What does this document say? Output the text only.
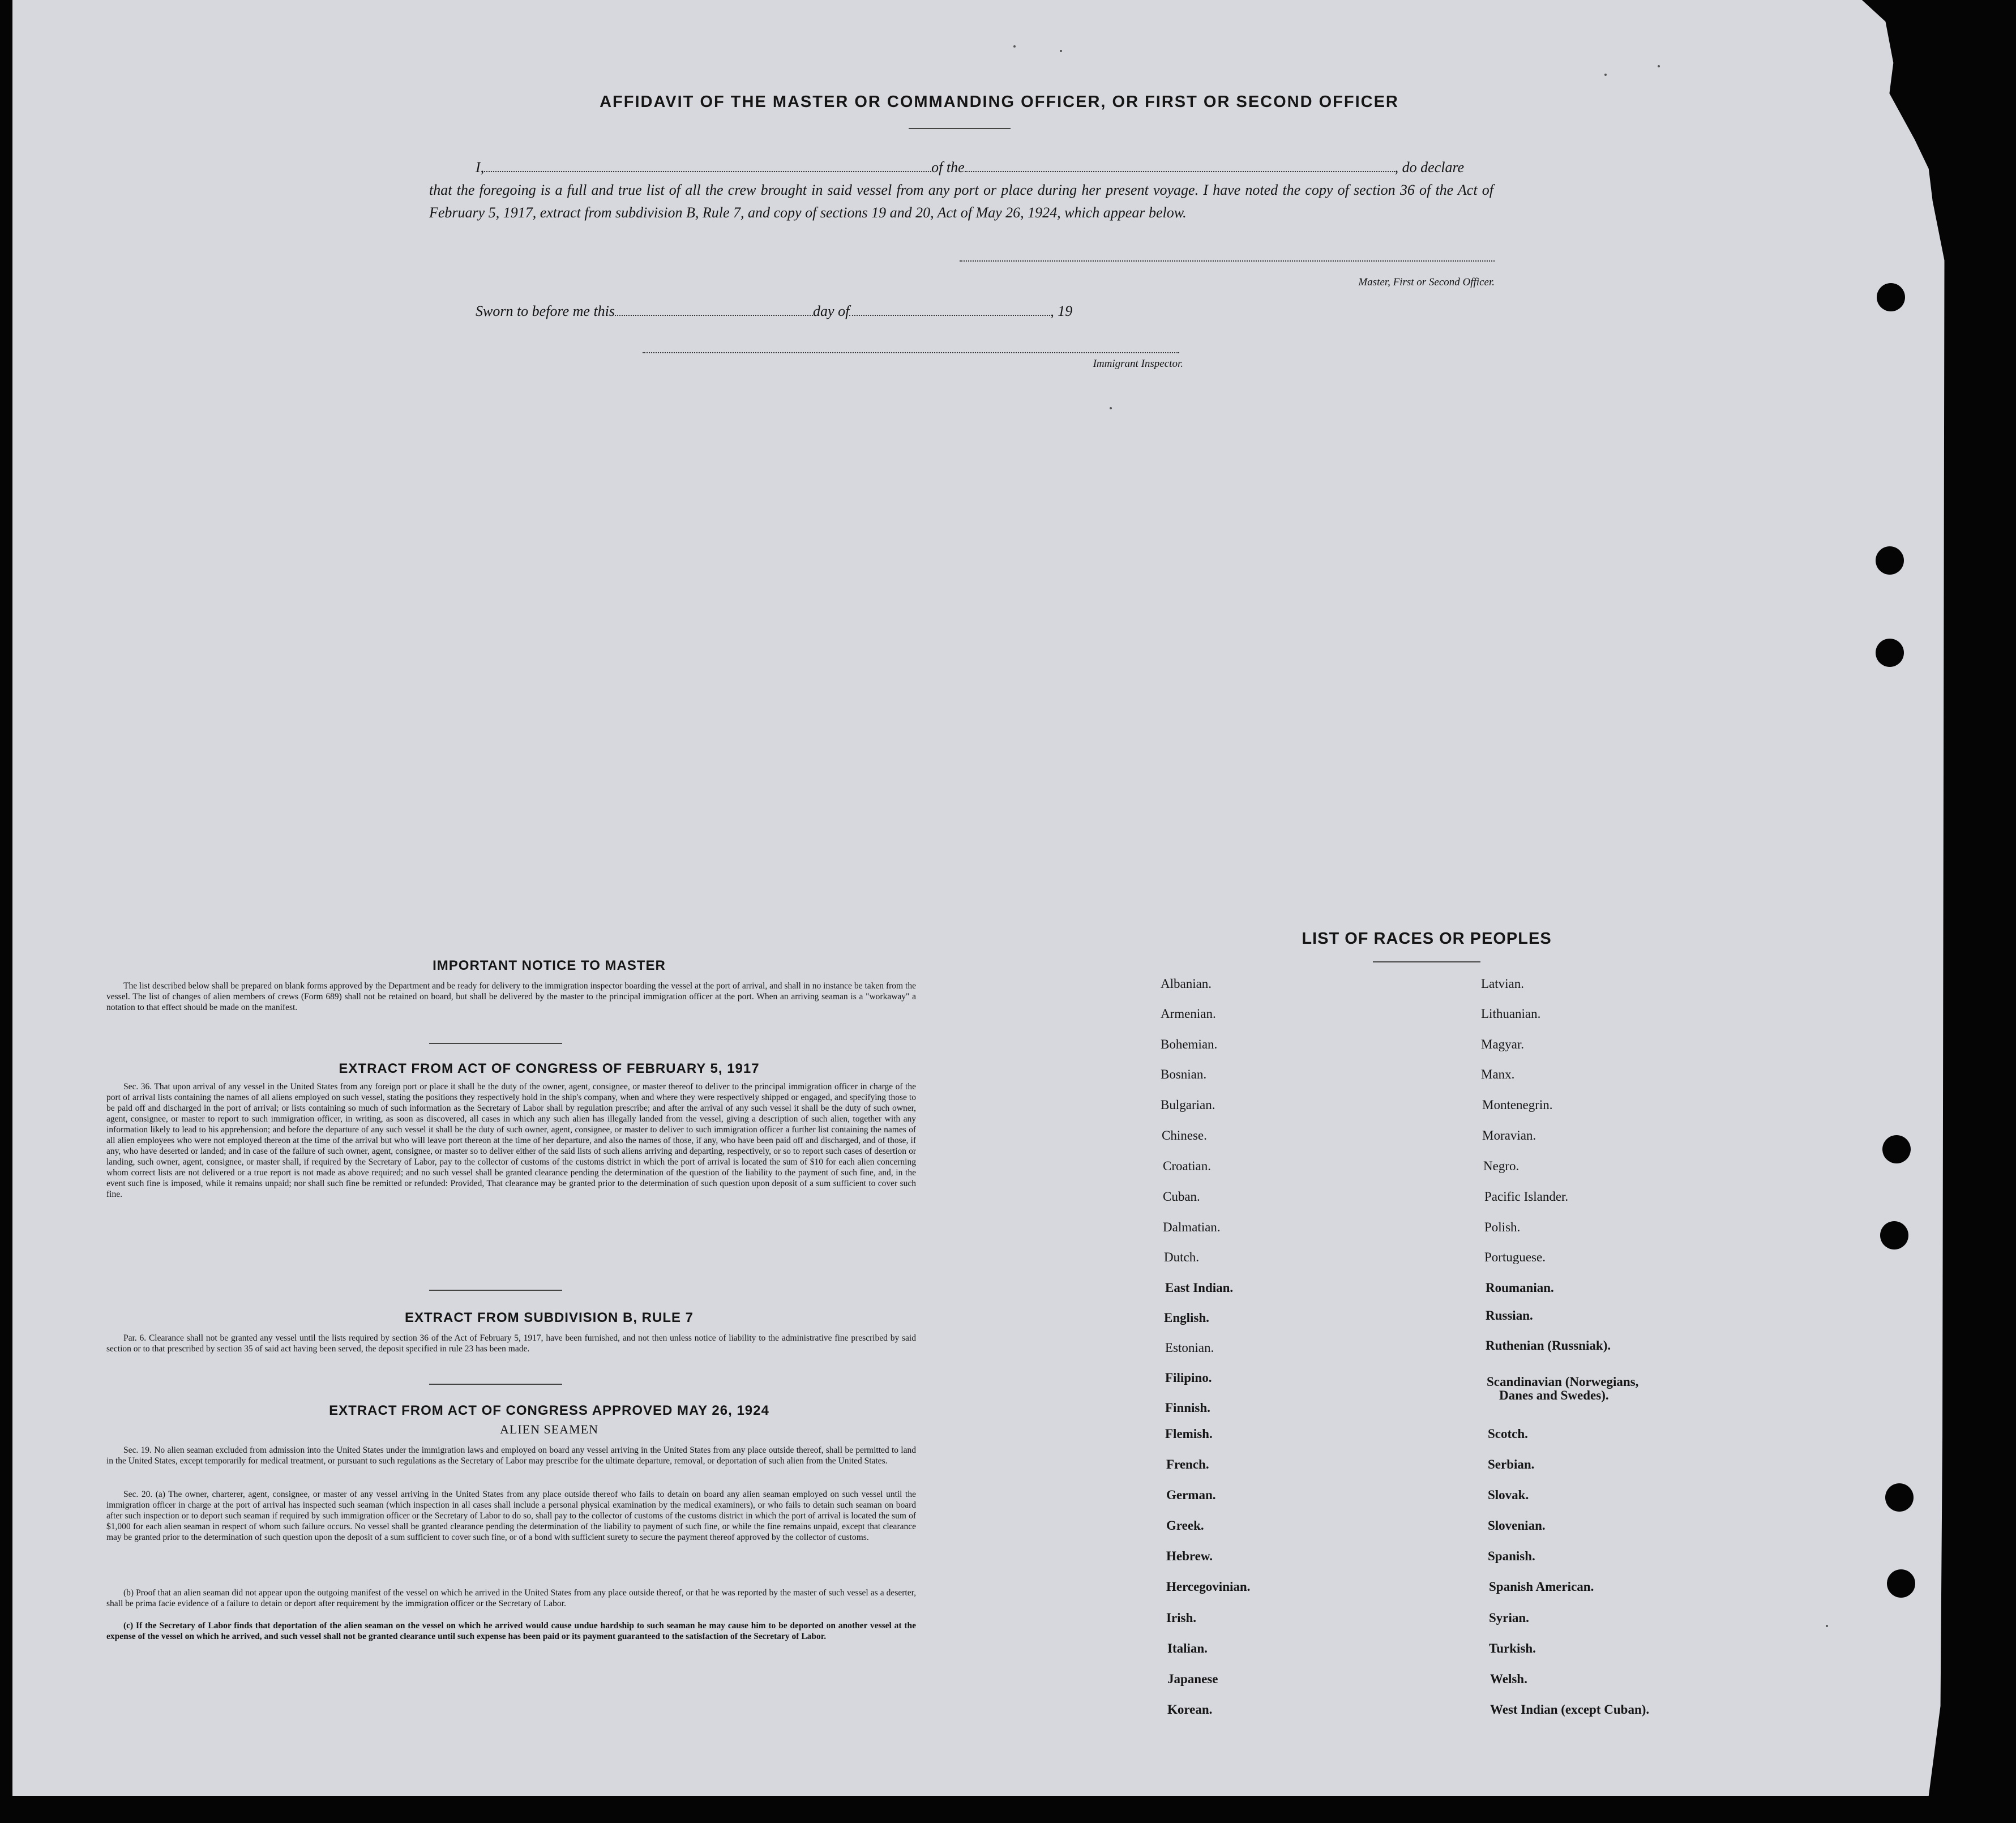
AFFIDAVIT OF THE MASTER OR COMMANDING OFFICER, OR FIRST OR SECOND OFFICER
I,	of the	, do declare
that the foregoing is a full and true list of all the crew brought in said vessel from any port or place during her present voyage. I have noted the copy of section 36 of the Act of February 5, 1917, extract from subdivision B, Rule 7, and copy of sections 19 and 20, Act of May 26, 1924, which appear below.
Master, First or Second Officer.
Sworn to before me this	day of	, 19
Immigrant Inspector.
IMPORTANT NOTICE TO MASTER
The list described below shall be prepared on blank forms approved by the Department and be ready for delivery to the immigration inspector boarding the vessel at the port of arrival, and shall in no instance be taken from the vessel. The list of changes of alien members of crews (Form 689) shall not be retained on board, but shall be delivered by the master to the principal immigration officer at the port. When an arriving seaman is a "workaway" a notation to that effect should be made on the manifest.
EXTRACT FROM ACT OF CONGRESS OF FEBRUARY 5, 1917
Sec. 36. That upon arrival of any vessel in the United States from any foreign port or place it shall be the duty of the owner, agent, consignee, or master thereof to deliver to the principal immigration officer in charge of the port of arrival lists containing the names of all aliens employed on such vessel, stating the positions they respectively hold in the ship's company, when and where they were respectively shipped or engaged, and specifying those to be paid off and discharged in the port of arrival; or lists containing so much of such information as the Secretary of Labor shall by regulation prescribe; and after the arrival of any such vessel it shall be the duty of such owner, agent, consignee, or master to report to such immigration officer, in writing, as soon as discovered, all cases in which any such alien has illegally landed from the vessel, giving a description of such alien, together with any information likely to lead to his apprehension; and before the departure of any such vessel it shall be the duty of such owner, agent, consignee, or master to deliver to such immigration officer a further list containing the names of all alien employees who were not employed thereon at the time of the arrival but who will leave port thereon at the time of her departure, and also the names of those, if any, who have been paid off and discharged, and of those, if any, who have deserted or landed; and in case of the failure of such owner, agent, consignee, or master so to deliver either of the said lists of such aliens arriving and departing, respectively, or so to report such cases of desertion or landing, such owner, agent, consignee, or master shall, if required by the Secretary of Labor, pay to the collector of customs of the customs district in which the port of arrival is located the sum of $10 for each alien concerning whom correct lists are not delivered or a true report is not made as above required; and no such vessel shall be granted clearance pending the determination of the question of the liability to the payment of such fine, and, in the event such fine is imposed, while it remains unpaid; nor shall such fine be remitted or refunded: Provided, That clearance may be granted prior to the determination of such question upon deposit of a sum sufficient to cover such fine.
EXTRACT FROM SUBDIVISION B, RULE 7
Par. 6. Clearance shall not be granted any vessel until the lists required by section 36 of the Act of February 5, 1917, have been furnished, and not then unless notice of liability to the administrative fine prescribed by said section or to that prescribed by section 35 of said act having been served, the deposit specified in rule 23 has been made.
EXTRACT FROM ACT OF CONGRESS APPROVED MAY 26, 1924
ALIEN SEAMEN
Sec. 19. No alien seaman excluded from admission into the United States under the immigration laws and employed on board any vessel arriving in the United States from any place outside thereof, shall be permitted to land in the United States, except temporarily for medical treatment, or pursuant to such regulations as the Secretary of Labor may prescribe for the ultimate departure, removal, or deportation of such alien from the United States.
Sec. 20. (a) The owner, charterer, agent, consignee, or master of any vessel arriving in the United States from any place outside thereof who fails to detain on board any alien seaman employed on such vessel until the immigration officer in charge at the port of arrival has inspected such seaman (which inspection in all cases shall include a personal physical examination by the medical examiners), or who fails to detain such seaman on board after such inspection or to deport such seaman if required by such immigration officer or the Secretary of Labor to do so, shall pay to the collector of customs of the customs district in which the port of arrival is located the sum of $1,000 for each alien seaman in respect of whom such failure occurs. No vessel shall be granted clearance pending the determination of the liability to payment of such fine, or while the fine remains unpaid, except that clearance may be granted prior to the determination of such question upon the deposit of a sum sufficient to cover such fine, or of a bond with sufficient surety to secure the payment thereof approved by the collector of customs.
(b) Proof that an alien seaman did not appear upon the outgoing manifest of the vessel on which he arrived in the United States from any place outside thereof, or that he was reported by the master of such vessel as a deserter, shall be prima facie evidence of a failure to detain or deport after requirement by the immigration officer or the Secretary of Labor.
(c) If the Secretary of Labor finds that deportation of the alien seaman on the vessel on which he arrived would cause undue hardship to such seaman he may cause him to be deported on another vessel at the expense of the vessel on which he arrived, and such vessel shall not be granted clearance until such expense has been paid or its payment guaranteed to the satisfaction of the Secretary of Labor.
LIST OF RACES OR PEOPLES
Albanian.
Armenian.
Bohemian.
Bosnian.
Bulgarian.
Chinese.
Croatian.
Cuban.
Dalmatian.
Dutch.
East Indian.
English.
Estonian.
Filipino.
Finnish.
Flemish.
French.
German.
Greek.
Hebrew.
Hercegovinian.
Irish.
Italian.
Japanese
Korean.
Latvian.
Lithuanian.
Magyar.
Manx.
Montenegrin.
Moravian.
Negro.
Pacific Islander.
Polish.
Portuguese.
Roumanian.
Russian.
Ruthenian (Russniak).
Scandinavian (Norwegians,
Danes and Swedes).
Scotch.
Serbian.
Slovak.
Slovenian.
Spanish.
Spanish American.
Syrian.
Turkish.
Welsh.
West Indian (except Cuban).
